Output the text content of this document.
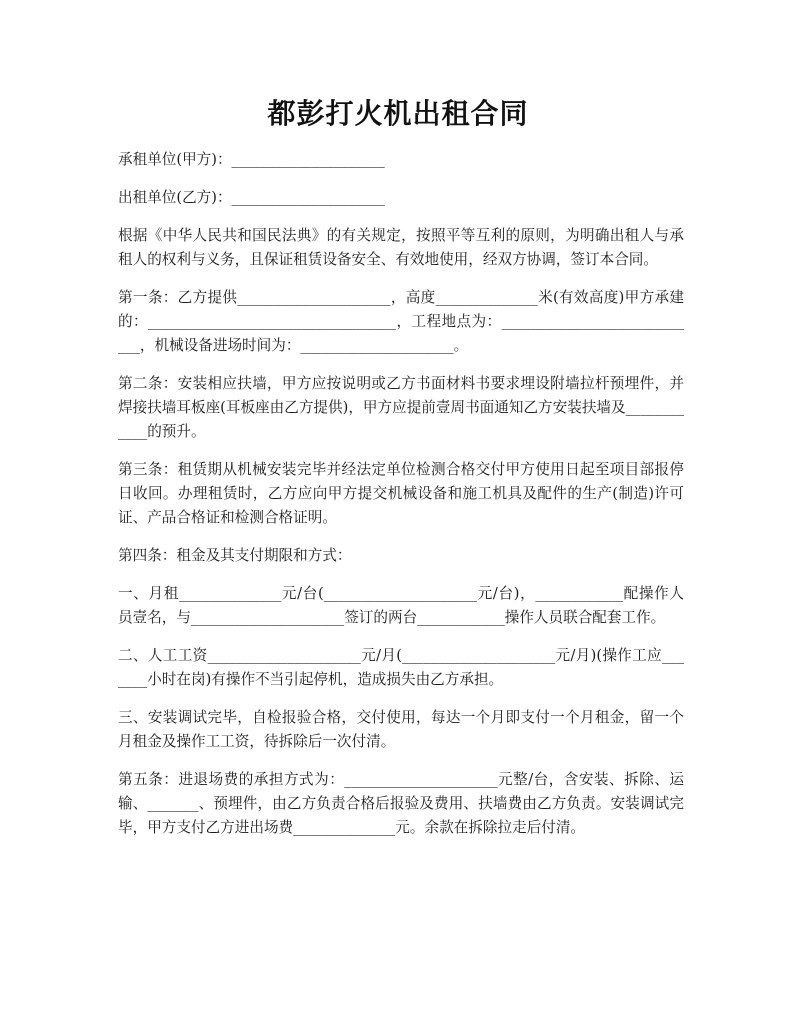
都彭打火机出租合同

承租单位(甲方)：_____________________

出租单位(乙方)：_____________________

根据《中华人民共和国民法典》的有关规定，按照平等互利的原则，为明确出租人与承租人的权利与义务，且保证租赁设备安全、有效地使用，经双方协调，签订本合同。

第一条：乙方提供_____________________，高度______________米(有效高度)甲方承建的：__________________________________，工程地点为：____________________________，机械设备进场时间为：_____________________。

第二条：安装相应扶墙，甲方应按说明或乙方书面材料书要求埋设附墙拉杆预埋件，并焊接扶墙耳板座(耳板座由乙方提供)，甲方应提前壹周书面通知乙方安装扶墙及____________的预升。

第三条：租赁期从机械安装完毕并经法定单位检测合格交付甲方使用日起至项目部报停日收回。办理租赁时，乙方应向甲方提交机械设备和施工机具及配件的生产(制造)许可证、产品合格证和检测合格证明。

第四条：租金及其支付期限和方式：

一、月租______________元/台(_____________________元/台)，____________配操作人员壹名，与_____________________签订的两台____________操作人员联合配套工作。

二、人工工资_____________________元/月(_____________________元/月)(操作工应_______小时在岗)有操作不当引起停机，造成损失由乙方承担。

三、安装调试完毕，自检报验合格，交付使用，每达一个月即支付一个月租金，留一个月租金及操作工工资，待拆除后一次付清。

第五条：进退场费的承担方式为：_____________________元整/台，含安装、拆除、运输、_______、预埋件，由乙方负责合格后报验及费用、扶墙费由乙方负责。安装调试完毕，甲方支付乙方进出场费______________元。余款在拆除拉走后付清。
